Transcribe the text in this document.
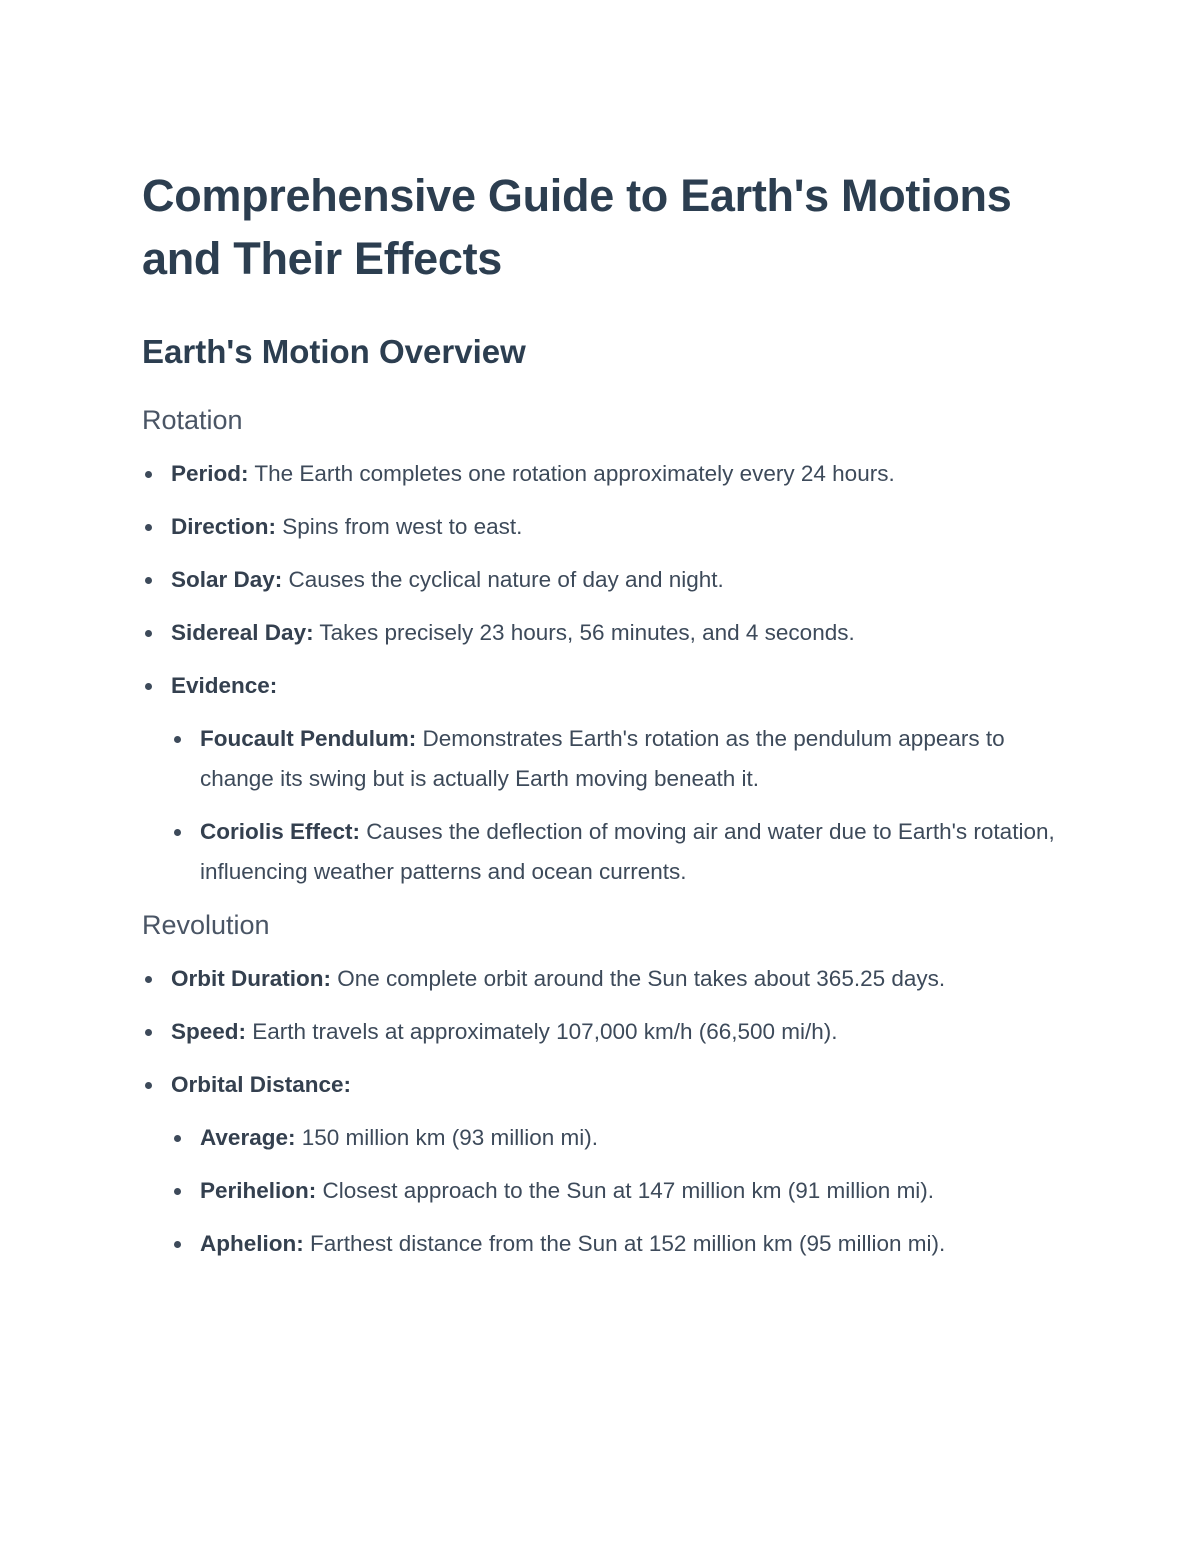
Comprehensive Guide to Earth's Motions and Their Effects
Earth's Motion Overview
Rotation
Period: The Earth completes one rotation approximately every 24 hours.
Direction: Spins from west to east.
Solar Day: Causes the cyclical nature of day and night.
Sidereal Day: Takes precisely 23 hours, 56 minutes, and 4 seconds.
Evidence:
Foucault Pendulum: Demonstrates Earth's rotation as the pendulum appears to change its swing but is actually Earth moving beneath it.
Coriolis Effect: Causes the deflection of moving air and water due to Earth's rotation, influencing weather patterns and ocean currents.
Revolution
Orbit Duration: One complete orbit around the Sun takes about 365.25 days.
Speed: Earth travels at approximately 107,000 km/h (66,500 mi/h).
Orbital Distance:
Average: 150 million km (93 million mi).
Perihelion: Closest approach to the Sun at 147 million km (91 million mi).
Aphelion: Farthest distance from the Sun at 152 million km (95 million mi).
